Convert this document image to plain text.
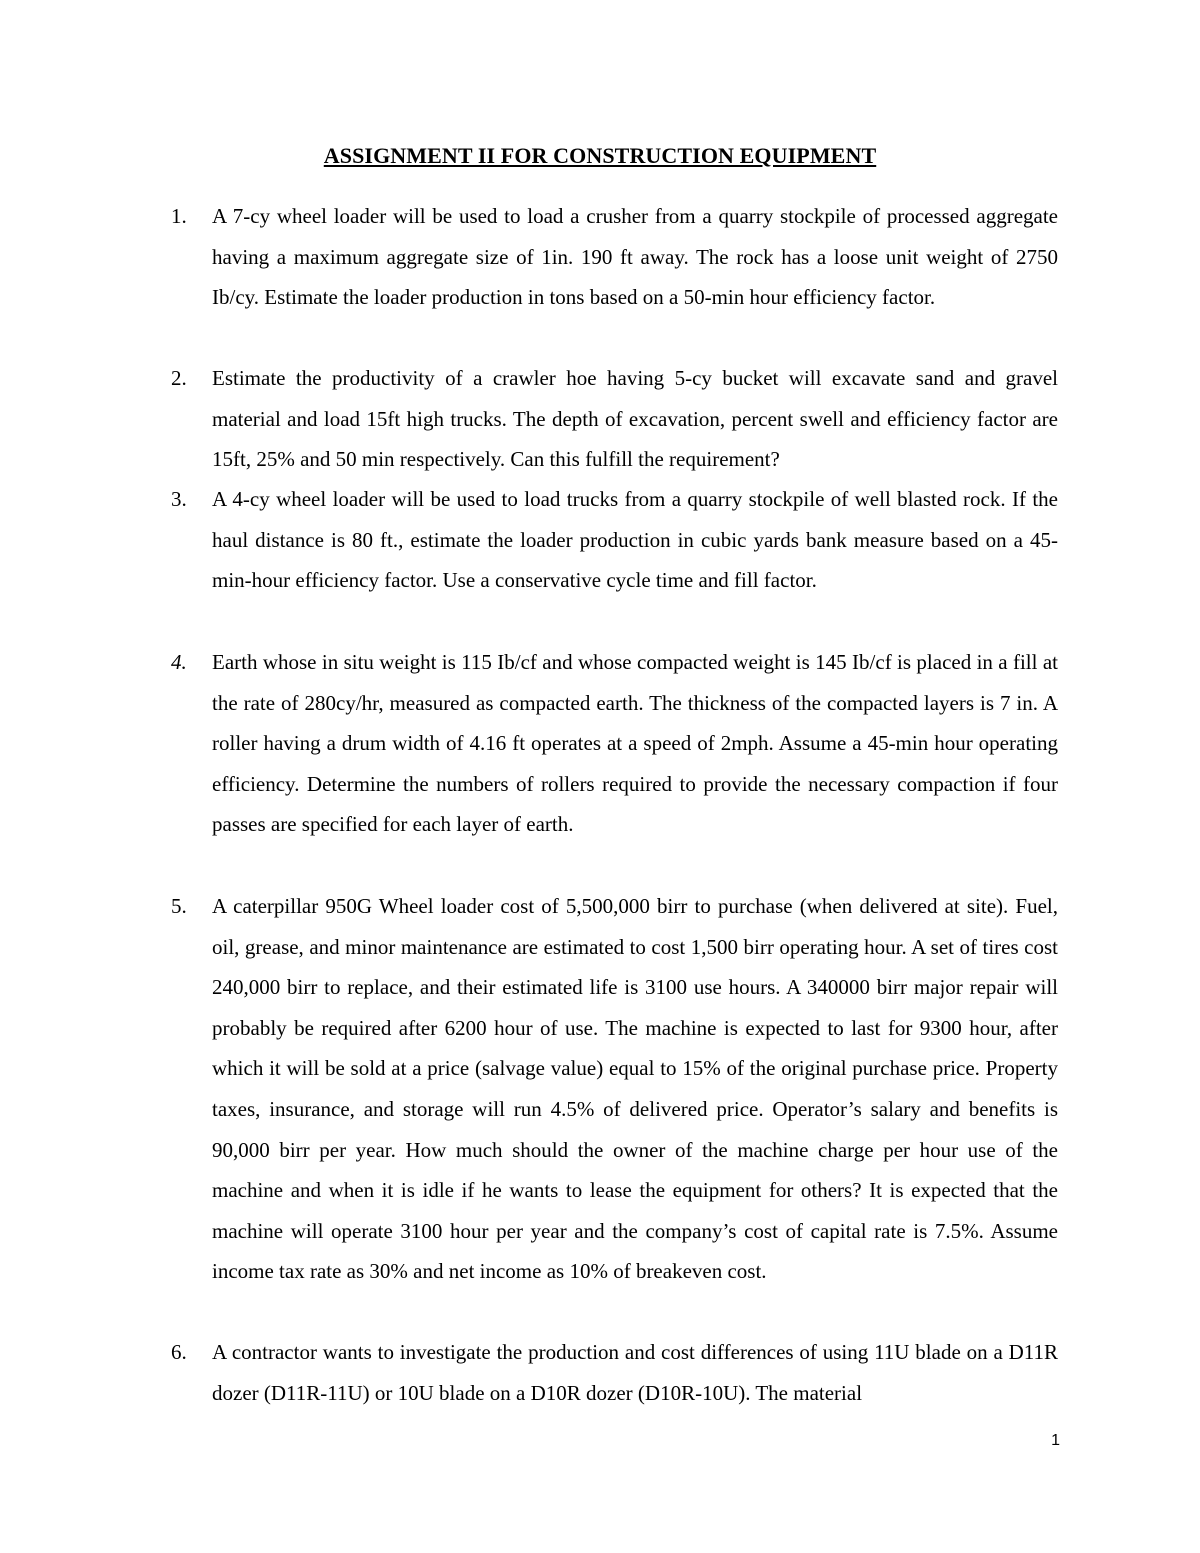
ASSIGNMENT II FOR CONSTRUCTION EQUIPMENT
1. A 7-cy wheel loader will be used to load a crusher from a quarry stockpile of processed aggregate having a maximum aggregate size of 1in. 190 ft away. The rock has a loose unit weight of 2750 Ib/cy. Estimate the loader production in tons based on a 50-min hour efficiency factor.

2. Estimate the productivity of a crawler hoe having 5-cy bucket will excavate sand and gravel material and load 15ft high trucks. The depth of excavation, percent swell and efficiency factor are 15ft, 25% and 50 min respectively. Can this fulfill the requirement?

3. A 4-cy wheel loader will be used to load trucks from a quarry stockpile of well blasted rock. If the haul distance is 80 ft., estimate the loader production in cubic yards bank measure based on a 45-min-hour efficiency factor. Use a conservative cycle time and fill factor.

4. Earth whose in situ weight is 115 Ib/cf and whose compacted weight is 145 Ib/cf is placed in a fill at the rate of 280cy/hr, measured as compacted earth. The thickness of the compacted layers is 7 in. A roller having a drum width of 4.16 ft operates at a speed of 2mph. Assume a 45-min hour operating efficiency. Determine the numbers of rollers required to provide the necessary compaction if four passes are specified for each layer of earth.

5. A caterpillar 950G Wheel loader cost of 5,500,000 birr to purchase (when delivered at site). Fuel, oil, grease, and minor maintenance are estimated to cost 1,500 birr operating hour. A set of tires cost 240,000 birr to replace, and their estimated life is 3100 use hours. A 340000 birr major repair will probably be required after 6200 hour of use. The machine is expected to last for 9300 hour, after which it will be sold at a price (salvage value) equal to 15% of the original purchase price. Property taxes, insurance, and storage will run 4.5% of delivered price. Operator’s salary and benefits is 90,000 birr per year. How much should the owner of the machine charge per hour use of the machine and when it is idle if he wants to lease the equipment for others? It is expected that the machine will operate 3100 hour per year and the company’s cost of capital rate is 7.5%. Assume income tax rate as 30% and net income as 10% of breakeven cost.

6. A contractor wants to investigate the production and cost differences of using 11U blade on a D11R dozer (D11R-11U) or 10U blade on a D10R dozer (D10R-10U). The material

1
